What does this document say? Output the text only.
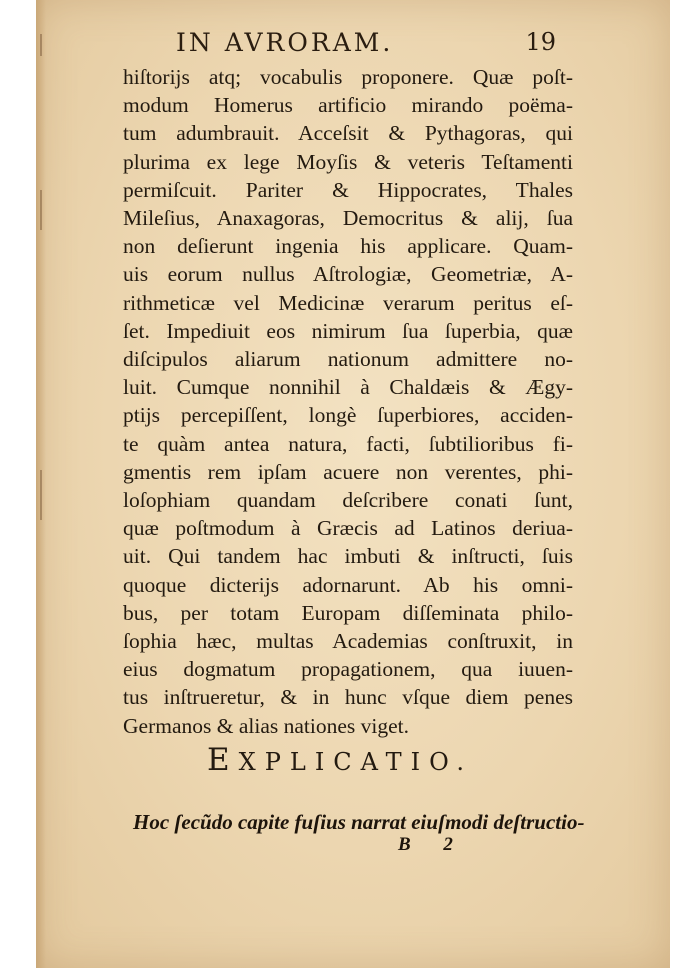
IN AVRORAM.	19
hiſtorijs atq; vocabulis proponere. Quæ poſt-
modum Homerus artificio mirando poëma-
tum adumbrauit. Acceſsit & Pythagoras, qui
plurima ex lege Moyſis & veteris Teſtamenti
permiſcuit. Pariter & Hippocrates, Thales
Mileſius, Anaxagoras, Democritus & alij, ſua
non deſierunt ingenia his applicare. Quam-
uis eorum nullus Aſtrologiæ, Geometriæ, A-
rithmeticæ vel Medicinæ verarum peritus eſ-
ſet. Impediuit eos nimirum ſua ſuperbia, quæ
diſcipulos aliarum nationum admittere no-
luit. Cumque nonnihil à Chaldæis & Ægy-
ptijs percepiſſent, longè ſuperbiores, acciden-
te quàm antea natura, facti, ſubtilioribus fi-
gmentis rem ipſam acuere non verentes, phi-
loſophiam quandam deſcribere conati ſunt,
quæ poſtmodum à Græcis ad Latinos deriua-
uit. Qui tandem hac imbuti & inſtructi, ſuis
quoque dicterijs adornarunt. Ab his omni-
bus, per totam Europam diſſeminata philo-
ſophia hæc, multas Academias conſtruxit, in
eius dogmatum propagationem, qua iuuen-
tus inſtrueretur, & in hunc vſque diem penes
Germanos & alias nationes viget.
EXPLICATIO.
Hoc ſecũdo capite fuſius narrat eiuſmodi deſtructio-
B 2
